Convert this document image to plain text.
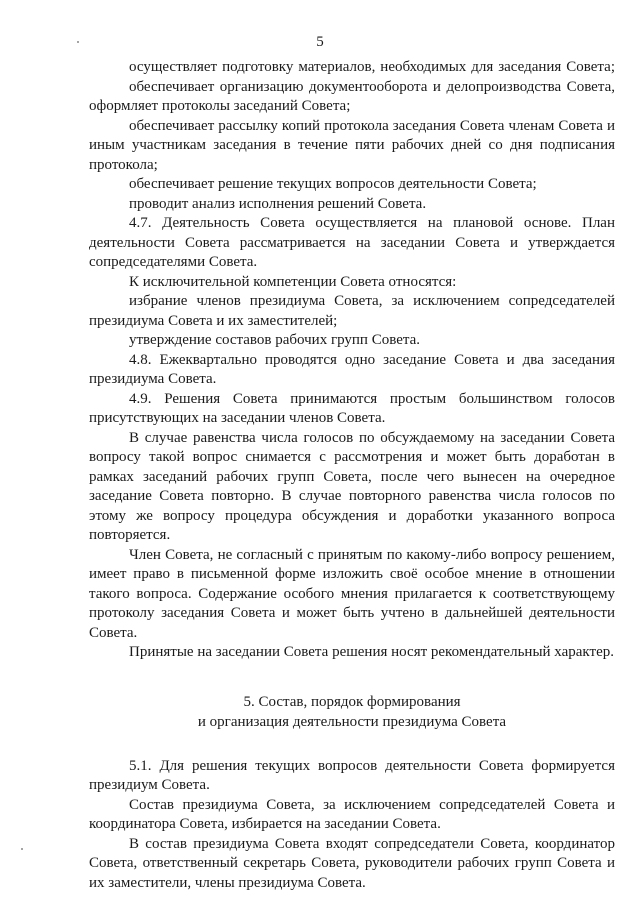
5

осуществляет подготовку материалов, необходимых для заседания Совета;

обеспечивает организацию документооборота и делопроизводства Совета, оформляет протоколы заседаний Совета;

обеспечивает рассылку копий протокола заседания Совета членам Совета и иным участникам заседания в течение пяти рабочих дней со дня подписания протокола;

обеспечивает решение текущих вопросов деятельности Совета;

проводит анализ исполнения решений Совета.

4.7. Деятельность Совета осуществляется на плановой основе. План деятельности Совета рассматривается на заседании Совета и утверждается сопредседателями Совета.

К исключительной компетенции Совета относятся:

избрание членов президиума Совета, за исключением сопредседателей президиума Совета и их заместителей;

утверждение составов рабочих групп Совета.

4.8. Ежеквартально проводятся одно заседание Совета и два заседания президиума Совета.

4.9. Решения Совета принимаются простым большинством голосов присутствующих на заседании членов Совета.

В случае равенства числа голосов по обсуждаемому на заседании Совета вопросу такой вопрос снимается с рассмотрения и может быть доработан в рамках заседаний рабочих групп Совета, после чего вынесен на очередное заседание Совета повторно. В случае повторного равенства числа голосов по этому же вопросу процедура обсуждения и доработки указанного вопроса повторяется.

Член Совета, не согласный с принятым по какому-либо вопросу решением, имеет право в письменной форме изложить своё особое мнение в отношении такого вопроса. Содержание особого мнения прилагается к соответствующему протоколу заседания Совета и может быть учтено в дальнейшей деятельности Совета.

Принятые на заседании Совета решения носят рекомендательный характер.

5. Состав, порядок формирования
и организация деятельности президиума Совета

5.1. Для решения текущих вопросов деятельности Совета формируется президиум Совета.

Состав президиума Совета, за исключением сопредседателей Совета и координатора Совета, избирается на заседании Совета.

В состав президиума Совета входят сопредседатели Совета, координатор Совета, ответственный секретарь Совета, руководители рабочих групп Совета и их заместители, члены президиума Совета.
